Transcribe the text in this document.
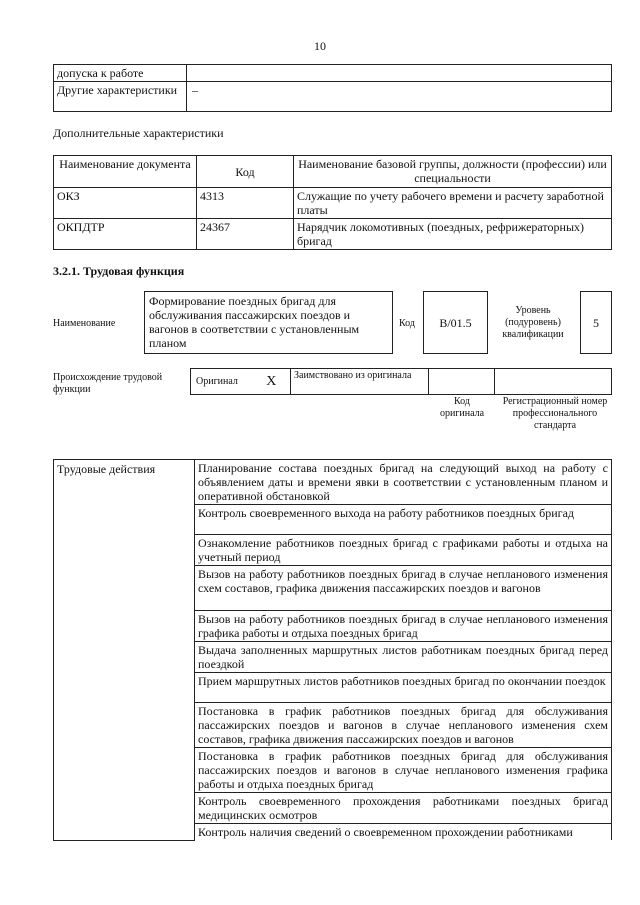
10
допуска к работе	
Другие характеристики	–
Дополнительные характеристики
Наименование документа	Код	Наименование базовой группы, должности (профессии) или специальности
ОКЗ	4313	Служащие по учету рабочего времени и расчету заработной платы
ОКПДТР	24367	Нарядчик локомотивных (поездных, рефрижераторных) бригад
3.2.1. Трудовая функция
Наименование
Формирование поездных бригад для обслуживания пассажирских поездов и вагонов в соответствии с установленным планом
Код B/01.5
Уровень (подуровень) квалификации
5
Происхождение трудовой функции
Оригинал	X	Заимствовано из оригинала		
Код оригинала
Регистрационный номер профессионального стандарта
Трудовые действия	Планирование состава поездных бригад на следующий выход на работу с объявлением даты и времени явки в соответствии с установленным планом и оперативной обстановкой
Контроль своевременного выхода на работу работников поездных бригад
Ознакомление работников поездных бригад с графиками работы и отдыха на учетный период
Вызов на работу работников поездных бригад в случае непланового изменения схем составов, графика движения пассажирских поездов и вагонов
Вызов на работу работников поездных бригад в случае непланового изменения графика работы и отдыха поездных бригад
Выдача заполненных маршрутных листов работникам поездных бригад перед поездкой
Прием маршрутных листов работников поездных бригад по окончании поездок
Постановка в график работников поездных бригад для обслуживания пассажирских поездов и вагонов в случае непланового изменения схем составов, графика движения пассажирских поездов и вагонов
Постановка в график работников поездных бригад для обслуживания пассажирских поездов и вагонов в случае непланового изменения графика работы и отдыха поездных бригад
Контроль своевременного прохождения работниками поездных бригад медицинских осмотров
Контроль наличия сведений о своевременном прохождении работниками
